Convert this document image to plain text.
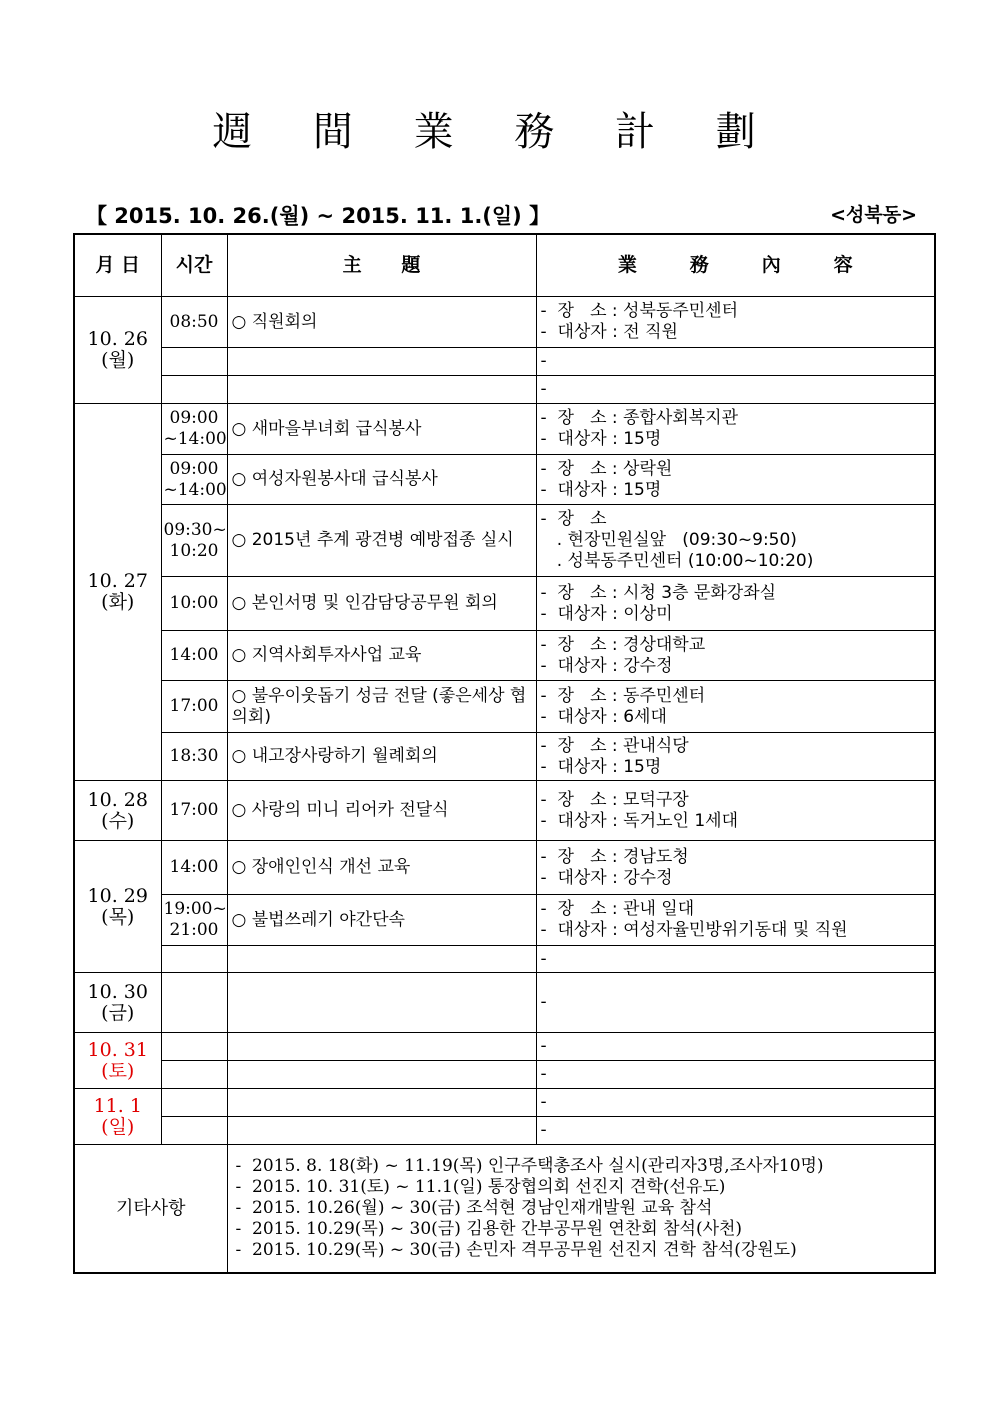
週 間 業 務 計 劃
【 2015. 10. 26.(월) ~ 2015. 11. 1.(일) 】	<성북동>
月 日	시간	主      題	業        務        內        容

10. 26
(월)	08:50	○ 직원회의	-  장   소 : 성북동주민센터
-  대상자 : 전 직원

			-

			-

10. 27
(화)	09:00 ~14:00	○ 새마을부녀회 급식봉사	-  장   소 : 종합사회복지관
-  대상자 : 15명

	09:00 ~14:00	○ 여성자원봉사대 급식봉사	-  장   소 : 상락원
-  대상자 : 15명

	09:30~ 10:20	○ 2015년 추계 광견병 예방접종 실시	-  장   소
. 현장민원실앞   (09:30~9:50)
. 성북동주민센터 (10:00~10:20)

	10:00	○ 본인서명 및 인감담당공무원 회의	-  장   소 : 시청 3층 문화강좌실
-  대상자 : 이상미

	14:00	○ 지역사회투자사업 교육	-  장   소 : 경상대학교
-  대상자 : 강수정

	17:00	○ 불우이웃돕기 성금 전달 (좋은세상 협의회)	-  장   소 : 동주민센터
-  대상자 : 6세대

	18:30	○ 내고장사랑하기 월례회의	-  장   소 : 관내식당
-  대상자 : 15명

10. 28
(수)	17:00	○ 사랑의 미니 리어카 전달식	-  장   소 : 모덕구장
-  대상자 : 독거노인 1세대

10. 29
(목)	14:00	○ 장애인인식 개선 교육	-  장   소 : 경남도청
-  대상자 : 강수정

	19:00~ 21:00	○ 불법쓰레기 야간단속	-  장   소 : 관내 일대
-  대상자 : 여성자율민방위기동대 및 직원

			-

10. 30
(금)			-

10. 31
(토)			-

			-

11. 1
(일)			-

			-

기타사항		-  2015. 8. 18(화) ~ 11.19(목) 인구주택총조사 실시(관리자3명,조사자10명)
-  2015. 10. 31(토) ~ 11.1(일) 통장협의회 선진지 견학(선유도)
-  2015. 10.26(월) ~ 30(금) 조석현 경남인재개발원 교육 참석
-  2015. 10.29(목) ~ 30(금) 김용한 간부공무원 연찬회 참석(사천)
-  2015. 10.29(목) ~ 30(금) 손민자 격무공무원 선진지 견학 참석(강원도)	
